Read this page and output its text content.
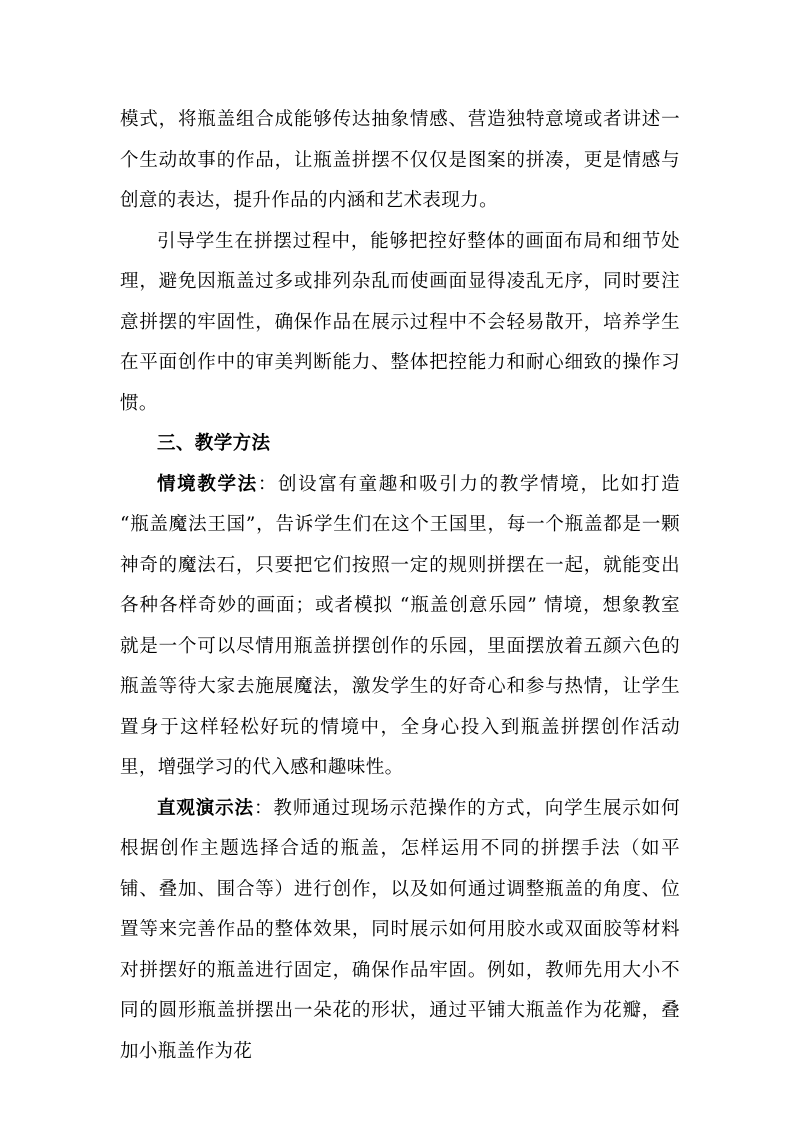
模式，将瓶盖组合成能够传达抽象情感、营造独特意境或者讲述一个生动故事的作品，让瓶盖拼摆不仅仅是图案的拼凑，更是情感与创意的表达，提升作品的内涵和艺术表现力。

引导学生在拼摆过程中，能够把控好整体的画面布局和细节处理，避免因瓶盖过多或排列杂乱而使画面显得凌乱无序，同时要注意拼摆的牢固性，确保作品在展示过程中不会轻易散开，培养学生在平面创作中的审美判断能力、整体把控能力和耐心细致的操作习惯。

三、教学方法

情境教学法：创设富有童趣和吸引力的教学情境，比如打造 “瓶盖魔法王国”，告诉学生们在这个王国里，每一个瓶盖都是一颗神奇的魔法石，只要把它们按照一定的规则拼摆在一起，就能变出各种各样奇妙的画面；或者模拟 “瓶盖创意乐园” 情境，想象教室就是一个可以尽情用瓶盖拼摆创作的乐园，里面摆放着五颜六色的瓶盖等待大家去施展魔法，激发学生的好奇心和参与热情，让学生置身于这样轻松好玩的情境中，全身心投入到瓶盖拼摆创作活动里，增强学习的代入感和趣味性。

直观演示法：教师通过现场示范操作的方式，向学生展示如何根据创作主题选择合适的瓶盖，怎样运用不同的拼摆手法（如平铺、叠加、围合等）进行创作，以及如何通过调整瓶盖的角度、位置等来完善作品的整体效果，同时展示如何用胶水或双面胶等材料对拼摆好的瓶盖进行固定，确保作品牢固。例如，教师先用大小不同的圆形瓶盖拼摆出一朵花的形状，通过平铺大瓶盖作为花瓣，叠加小瓶盖作为花
